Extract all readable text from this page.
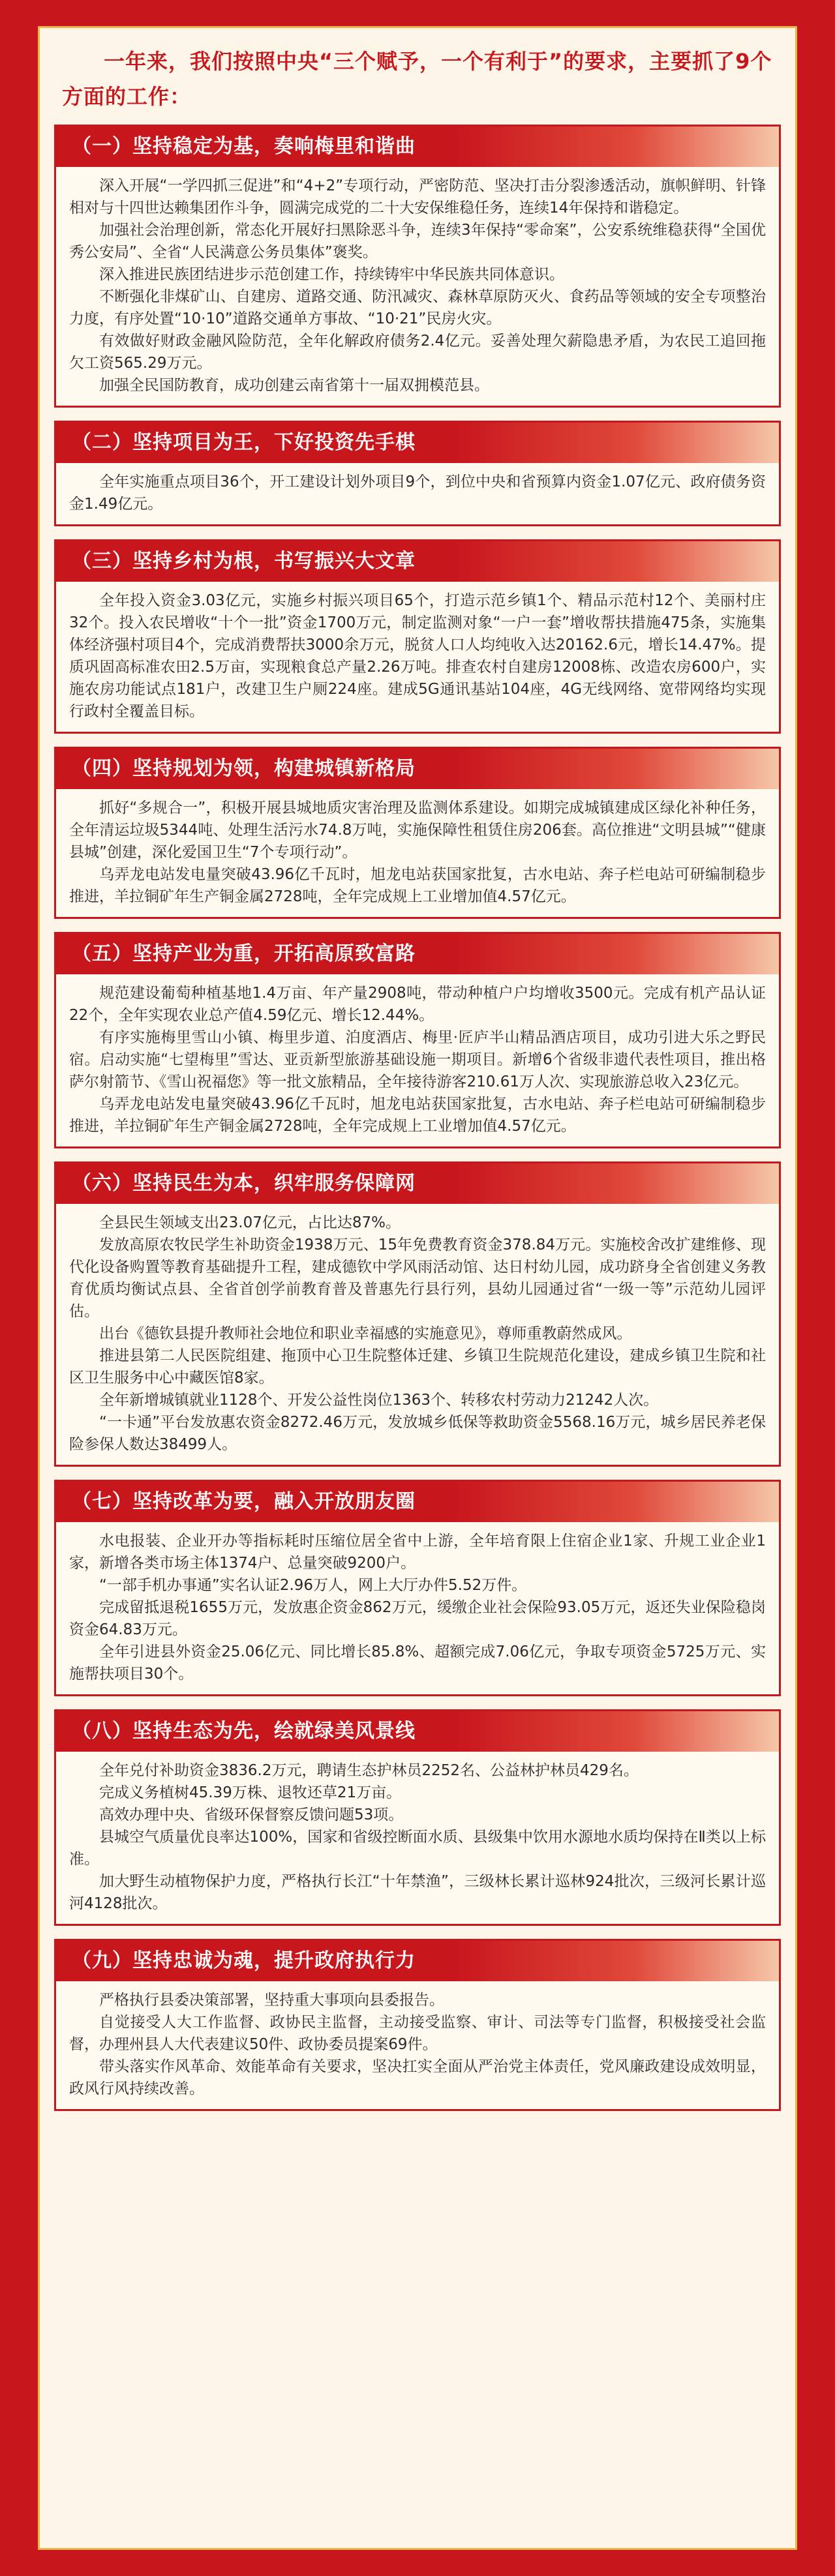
一年来，我们按照中央“三个赋予，一个有利于”的要求，主要抓了9个方面的工作：
（一）坚持稳定为基，奏响梅里和谐曲

深入开展“一学四抓三促进”和“4+2”专项行动，严密防范、坚决打击分裂渗透活动，旗帜鲜明、针锋相对与十四世达赖集团作斗争，圆满完成党的二十大安保维稳任务，连续14年保持和谐稳定。

加强社会治理创新，常态化开展好扫黑除恶斗争，连续3年保持“零命案”，公安系统维稳获得“全国优秀公安局”、全省“人民满意公务员集体”褒奖。

深入推进民族团结进步示范创建工作，持续铸牢中华民族共同体意识。

不断强化非煤矿山、自建房、道路交通、防汛减灾、森林草原防灭火、食药品等领域的安全专项整治力度，有序处置“10·10”道路交通单方事故、“10·21”民房火灾。

有效做好财政金融风险防范，全年化解政府债务2.4亿元。妥善处理欠薪隐患矛盾，为农民工追回拖欠工资565.29万元。

加强全民国防教育，成功创建云南省第十一届双拥模范县。

（二）坚持项目为王，下好投资先手棋

全年实施重点项目36个，开工建设计划外项目9个，到位中央和省预算内资金1.07亿元、政府债务资金1.49亿元。

（三）坚持乡村为根，书写振兴大文章

全年投入资金3.03亿元，实施乡村振兴项目65个，打造示范乡镇1个、精品示范村12个、美丽村庄32个。投入农民增收“十个一批”资金1700万元，制定监测对象“一户一套”增收帮扶措施475条，实施集体经济强村项目4个，完成消费帮扶3000余万元，脱贫人口人均纯收入达20162.6元，增长14.47%。提质巩固高标准农田2.5万亩，实现粮食总产量2.26万吨。排查农村自建房12008栋、改造农房600户，实施农房功能试点181户，改建卫生户厕224座。建成5G通讯基站104座，4G无线网络、宽带网络均实现行政村全覆盖目标。

（四）坚持规划为领，构建城镇新格局

抓好“多规合一”，积极开展县城地质灾害治理及监测体系建设。如期完成城镇建成区绿化补种任务，全年清运垃圾5344吨、处理生活污水74.8万吨，实施保障性租赁住房206套。高位推进“文明县城”“健康县城”创建，深化爱国卫生“7个专项行动”。

乌弄龙电站发电量突破43.96亿千瓦时，旭龙电站获国家批复，古水电站、奔子栏电站可研编制稳步推进，羊拉铜矿年生产铜金属2728吨，全年完成规上工业增加值4.57亿元。

（五）坚持产业为重，开拓高原致富路

规范建设葡萄种植基地1.4万亩、年产量2908吨，带动种植户户均增收3500元。完成有机产品认证22个，全年实现农业总产值4.59亿元、增长12.44%。

有序实施梅里雪山小镇、梅里步道、泊度酒店、梅里·匠庐半山精品酒店项目，成功引进大乐之野民宿。启动实施“七望梅里”雪达、亚贡新型旅游基础设施一期项目。新增6个省级非遗代表性项目，推出格萨尔射箭节、《雪山祝福您》等一批文旅精品，全年接待游客210.61万人次、实现旅游总收入23亿元。

乌弄龙电站发电量突破43.96亿千瓦时，旭龙电站获国家批复，古水电站、奔子栏电站可研编制稳步推进，羊拉铜矿年生产铜金属2728吨，全年完成规上工业增加值4.57亿元。

（六）坚持民生为本，织牢服务保障网

全县民生领域支出23.07亿元，占比达87%。

发放高原农牧民学生补助资金1938万元、15年免费教育资金378.84万元。实施校舍改扩建维修、现代化设备购置等教育基础提升工程，建成德钦中学风雨活动馆、达日村幼儿园，成功跻身全省创建义务教育优质均衡试点县、全省首创学前教育普及普惠先行县行列，县幼儿园通过省“一级一等”示范幼儿园评估。

出台《德钦县提升教师社会地位和职业幸福感的实施意见》，尊师重教蔚然成风。

推进县第二人民医院组建、拖顶中心卫生院整体迁建、乡镇卫生院规范化建设，建成乡镇卫生院和社区卫生服务中心中藏医馆8家。

全年新增城镇就业1128个、开发公益性岗位1363个、转移农村劳动力21242人次。

“一卡通”平台发放惠农资金8272.46万元，发放城乡低保等救助资金5568.16万元，城乡居民养老保险参保人数达38499人。

（七）坚持改革为要，融入开放朋友圈

水电报装、企业开办等指标耗时压缩位居全省中上游，全年培育限上住宿企业1家、升规工业企业1家，新增各类市场主体1374户、总量突破9200户。

“一部手机办事通”实名认证2.96万人，网上大厅办件5.52万件。

完成留抵退税1655万元，发放惠企资金862万元，缓缴企业社会保险93.05万元，返还失业保险稳岗资金64.83万元。

全年引进县外资金25.06亿元、同比增长85.8%、超额完成7.06亿元，争取专项资金5725万元、实施帮扶项目30个。

（八）坚持生态为先，绘就绿美风景线

全年兑付补助资金3836.2万元，聘请生态护林员2252名、公益林护林员429名。

完成义务植树45.39万株、退牧还草21万亩。

高效办理中央、省级环保督察反馈问题53项。

县城空气质量优良率达100%，国家和省级控断面水质、县级集中饮用水源地水质均保持在Ⅱ类以上标准。

加大野生动植物保护力度，严格执行长江“十年禁渔”，三级林长累计巡林924批次，三级河长累计巡河4128批次。

（九）坚持忠诚为魂，提升政府执行力

严格执行县委决策部署，坚持重大事项向县委报告。

自觉接受人大工作监督、政协民主监督，主动接受监察、审计、司法等专门监督，积极接受社会监督，办理州县人大代表建议50件、政协委员提案69件。

带头落实作风革命、效能革命有关要求，坚决扛实全面从严治党主体责任，党风廉政建设成效明显，政风行风持续改善。
